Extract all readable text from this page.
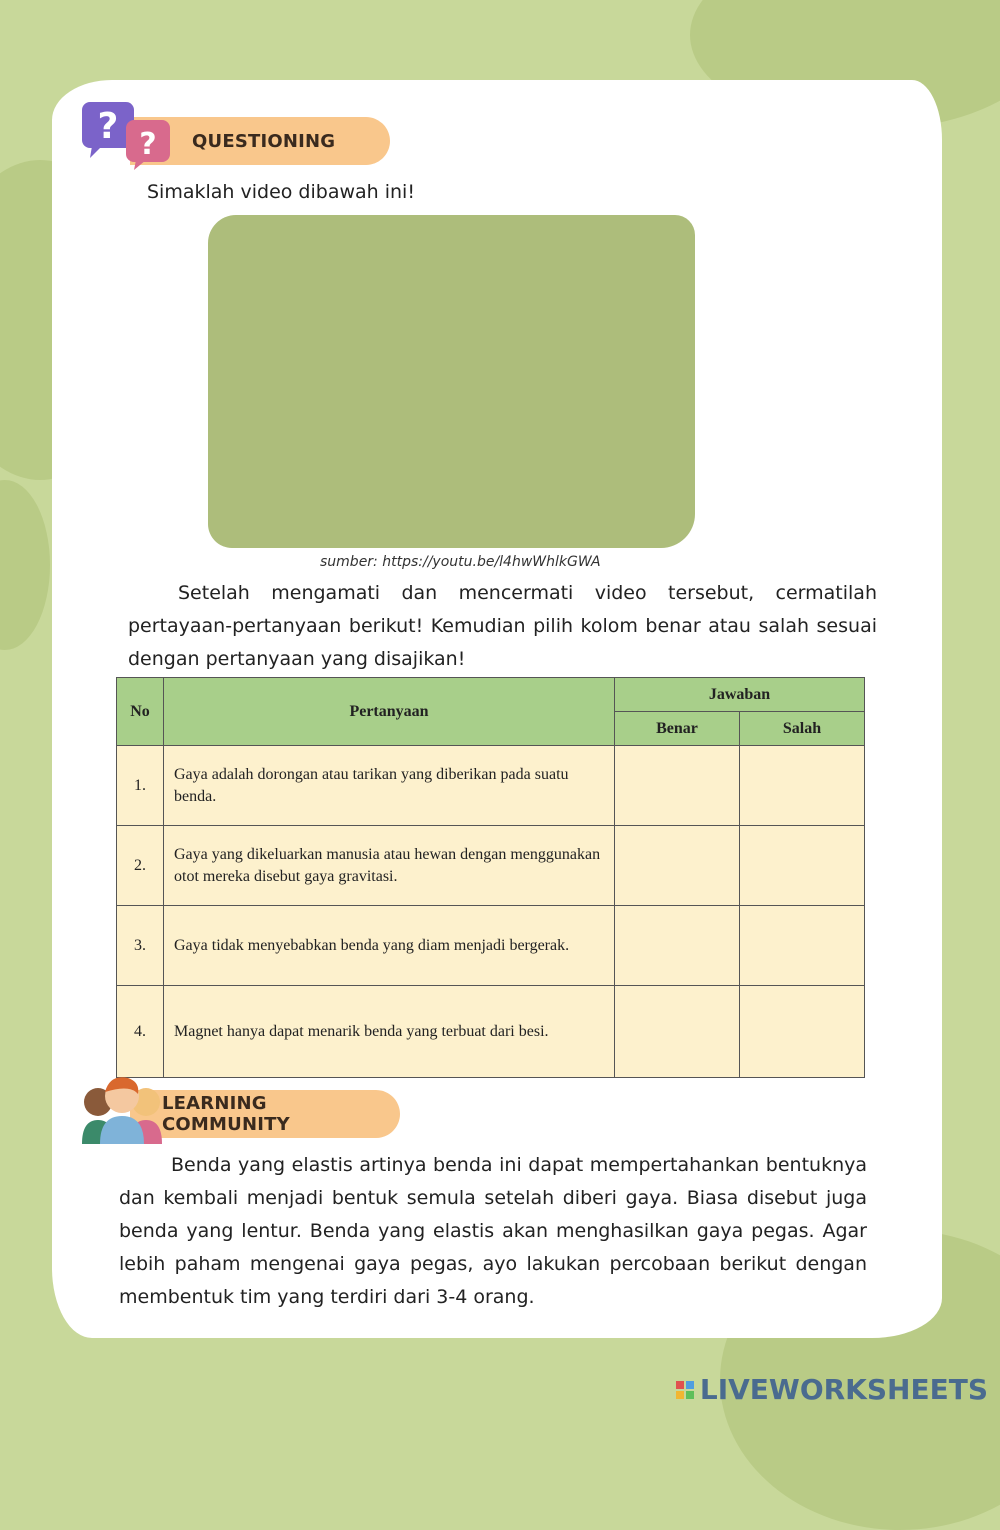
QUESTIONING
? ?
Simaklah video dibawah ini!
sumber: https://youtu.be/l4hwWhlkGWA
Setelah mengamati dan mencermati video tersebut, cermatilah pertayaan-pertanyaan berikut! Kemudian pilih kolom benar atau salah sesuai dengan pertanyaan yang disajikan!
No	Pertanyaan	Jawaban	
		Benar	Salah
1.	Gaya adalah dorongan atau tarikan yang diberikan pada suatu benda.		
2.	Gaya yang dikeluarkan manusia atau hewan dengan menggunakan otot mereka disebut gaya gravitasi.		
3.	Gaya tidak menyebabkan benda yang diam menjadi bergerak.		
4.	Magnet hanya dapat menarik benda yang terbuat dari besi.		
LEARNING COMMUNITY
Benda yang elastis artinya benda ini dapat mempertahankan bentuknya dan kembali menjadi bentuk semula setelah diberi gaya. Biasa disebut juga benda yang lentur. Benda yang elastis akan menghasilkan gaya pegas. Agar lebih paham mengenai gaya pegas, ayo lakukan percobaan berikut dengan membentuk tim yang terdiri dari 3-4 orang.
LIVEWORKSHEETS
